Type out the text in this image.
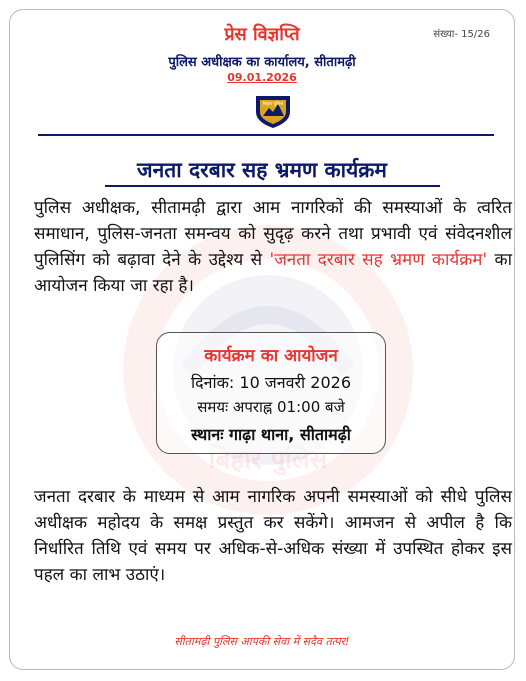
बिहार पुलिस
संख्या- 15/26
प्रेस विज्ञप्ति
पुलिस अधीक्षक का कार्यालय, सीतामढ़ी
09.01.2026
बिहार पुलिस
जनता दरबार सह भ्रमण कार्यक्रम
पुलिस अधीक्षक, सीतामढ़ी द्वारा आम नागरिकों की समस्याओं के त्वरित समाधान, पुलिस-जनता समन्वय को सुदृढ़ करने तथा प्रभावी एवं संवेदनशील पुलिसिंग को बढ़ावा देने के उद्देश्य से 'जनता दरबार सह भ्रमण कार्यक्रम' का आयोजन किया जा रहा है।
कार्यक्रम का आयोजन
दिनांक: 10 जनवरी 2026
समयः अपराह्न 01:00 बजे
स्थानः गाढ़ा थाना, सीतामढ़ी
जनता दरबार के माध्यम से आम नागरिक अपनी समस्याओं को सीधे पुलिस अधीक्षक महोदय के समक्ष प्रस्तुत कर सकेंगे। आमजन से अपील है कि निर्धारित तिथि एवं समय पर अधिक-से-अधिक संख्या में उपस्थित होकर इस पहल का लाभ उठाएं।
सीतामढ़ी पुलिस आपकी सेवा में सदैव तत्पर!
